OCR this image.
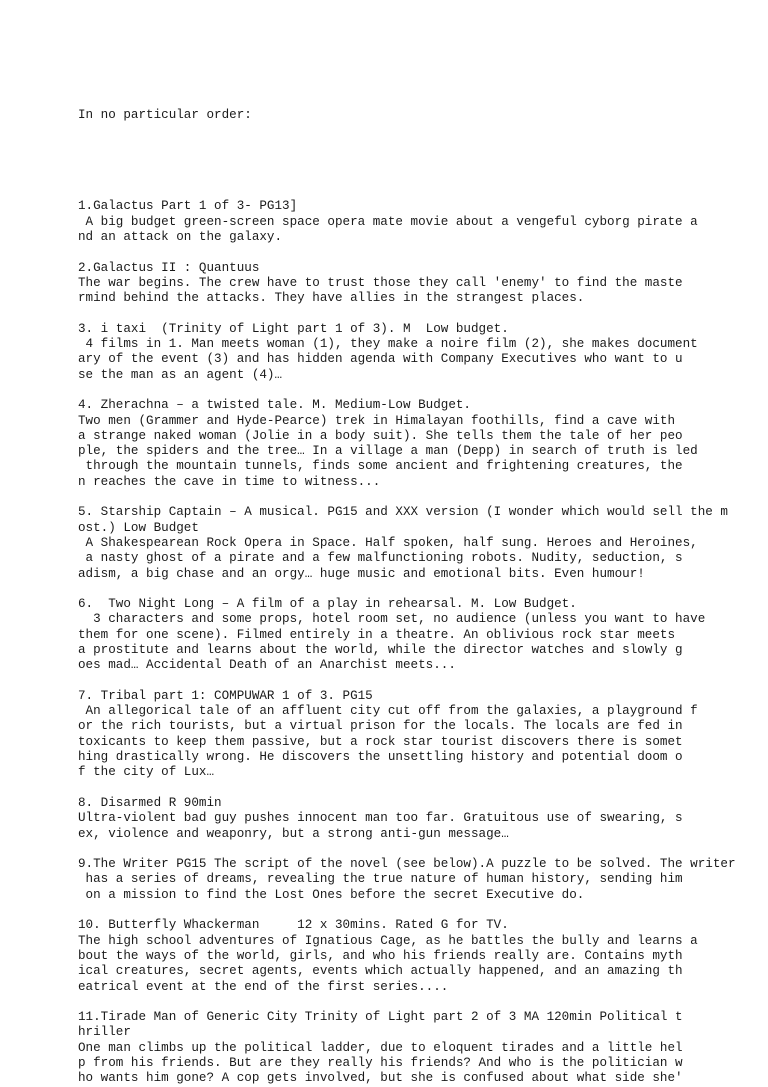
In no particular order:

1.Galactus Part 1 of 3- PG13]
A big budget green-screen space opera mate movie about a vengeful cyborg pirate a
nd an attack on the galaxy.
2.Galactus II : Quantuus
The war begins. The crew have to trust those they call 'enemy' to find the maste
rmind behind the attacks. They have allies in the strangest places.
3. i taxi  (Trinity of Light part 1 of 3). M  Low budget.
4 films in 1. Man meets woman (1), they make a noire film (2), she makes document
ary of the event (3) and has hidden agenda with Company Executives who want to u
se the man as an agent (4)…
4. Zherachna – a twisted tale. M. Medium-Low Budget.
Two men (Grammer and Hyde-Pearce) trek in Himalayan foothills, find a cave with
a strange naked woman (Jolie in a body suit). She tells them the tale of her peo
ple, the spiders and the tree… In a village a man (Depp) in search of truth is led
through the mountain tunnels, finds some ancient and frightening creatures, the
n reaches the cave in time to witness...
5. Starship Captain – A musical. PG15 and XXX version (I wonder which would sell the m
ost.) Low Budget
A Shakespearean Rock Opera in Space. Half spoken, half sung. Heroes and Heroines,
a nasty ghost of a pirate and a few malfunctioning robots. Nudity, seduction, s
adism, a big chase and an orgy… huge music and emotional bits. Even humour!
6.  Two Night Long – A film of a play in rehearsal. M. Low Budget.
3 characters and some props, hotel room set, no audience (unless you want to have
them for one scene). Filmed entirely in a theatre. An oblivious rock star meets
a prostitute and learns about the world, while the director watches and slowly g
oes mad… Accidental Death of an Anarchist meets...
7. Tribal part 1: COMPUWAR 1 of 3. PG15
An allegorical tale of an affluent city cut off from the galaxies, a playground f
or the rich tourists, but a virtual prison for the locals. The locals are fed in
toxicants to keep them passive, but a rock star tourist discovers there is somet
hing drastically wrong. He discovers the unsettling history and potential doom o
f the city of Lux…
8. Disarmed R 90min
Ultra-violent bad guy pushes innocent man too far. Gratuitous use of swearing, s
ex, violence and weaponry, but a strong anti-gun message…
9.The Writer PG15 The script of the novel (see below).A puzzle to be solved. The writer
has a series of dreams, revealing the true nature of human history, sending him
on a mission to find the Lost Ones before the secret Executive do.
10. Butterfly Whackerman     12 x 30mins. Rated G for TV.
The high school adventures of Ignatious Cage, as he battles the bully and learns a
bout the ways of the world, girls, and who his friends really are. Contains myth
ical creatures, secret agents, events which actually happened, and an amazing th
eatrical event at the end of the first series....
11.Tirade Man of Generic City Trinity of Light part 2 of 3 MA 120min Political t
hriller
One man climbs up the political ladder, due to eloquent tirades and a little hel
p from his friends. But are they really his friends? And who is the politician w
ho wants him gone? A cop gets involved, but she is confused about what side she'
